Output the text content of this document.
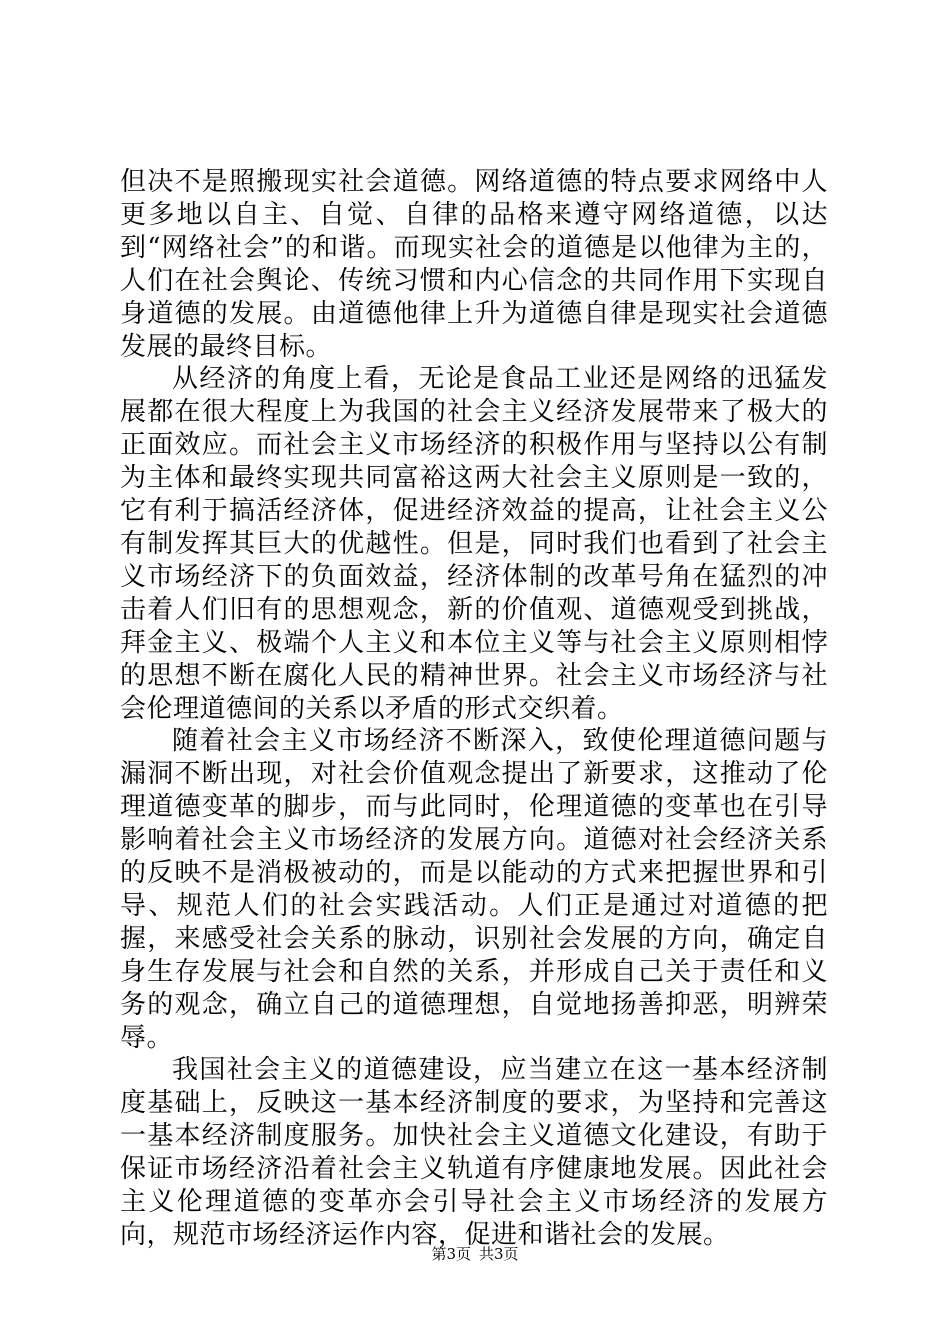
但决不是照搬现实社会道德。网络道德的特点要求网络中人更多地以自主、自觉、自律的品格来遵守网络道德，以达到“网络社会”的和谐。而现实社会的道德是以他律为主的，人们在社会舆论、传统习惯和内心信念的共同作用下实现自身道德的发展。由道德他律上升为道德自律是现实社会道德发展的最终目标。

从经济的角度上看，无论是食品工业还是网络的迅猛发展都在很大程度上为我国的社会主义经济发展带来了极大的正面效应。而社会主义市场经济的积极作用与坚持以公有制为主体和最终实现共同富裕这两大社会主义原则是一致的，它有利于搞活经济体，促进经济效益的提高，让社会主义公有制发挥其巨大的优越性。但是，同时我们也看到了社会主义市场经济下的负面效益，经济体制的改革号角在猛烈的冲击着人们旧有的思想观念，新的价值观、道德观受到挑战，拜金主义、极端个人主义和本位主义等与社会主义原则相悖的思想不断在腐化人民的精神世界。社会主义市场经济与社会伦理道德间的关系以矛盾的形式交织着。

随着社会主义市场经济不断深入，致使伦理道德问题与漏洞不断出现，对社会价值观念提出了新要求，这推动了伦理道德变革的脚步，而与此同时，伦理道德的变革也在引导影响着社会主义市场经济的发展方向。道德对社会经济关系的反映不是消极被动的，而是以能动的方式来把握世界和引导、规范人们的社会实践活动。人们正是通过对道德的把握，来感受社会关系的脉动，识别社会发展的方向，确定自身生存发展与社会和自然的关系，并形成自己关于责任和义务的观念，确立自己的道德理想，自觉地扬善抑恶，明辨荣辱。

我国社会主义的道德建设，应当建立在这一基本经济制度基础上，反映这一基本经济制度的要求，为坚持和完善这一基本经济制度服务。加快社会主义道德文化建设，有助于保证市场经济沿着社会主义轨道有序健康地发展。因此社会主义伦理道德的变革亦会引导社会主义市场经济的发展方向，规范市场经济运作内容，促进和谐社会的发展。

第3页 共3页
